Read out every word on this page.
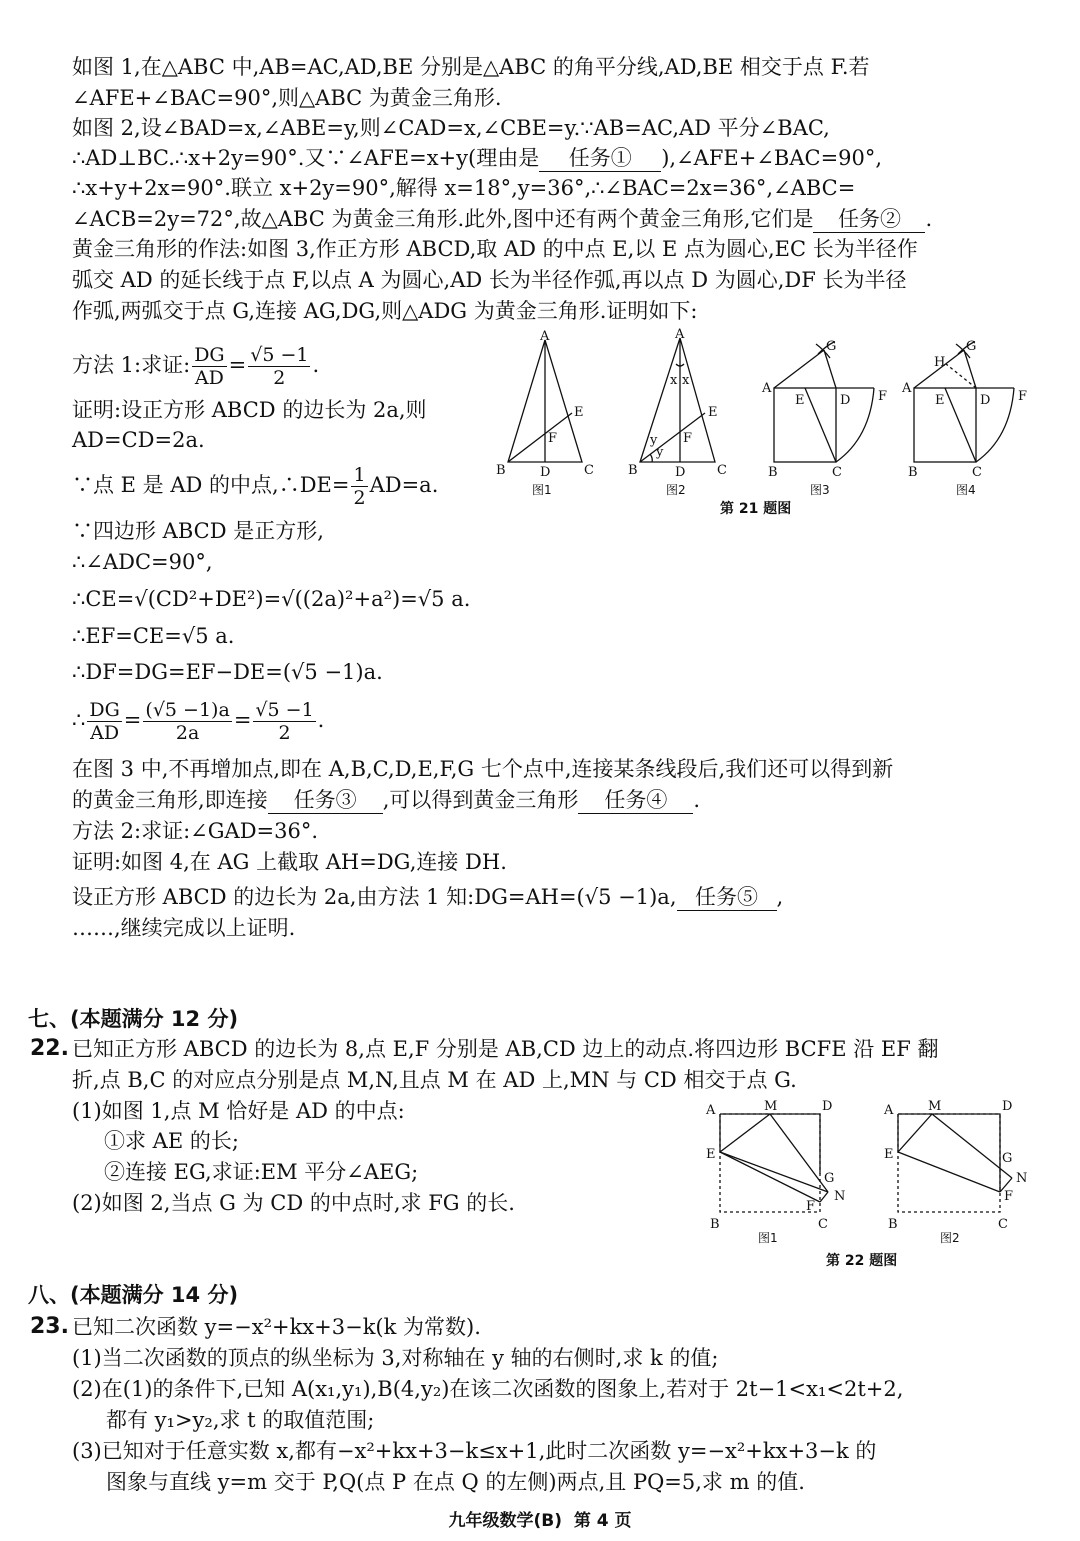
如图 1,在△ABC 中,AB=AC,AD,BE 分别是△ABC 的角平分线,AD,BE 相交于点 F.若
∠AFE+∠BAC=90°,则△ABC 为黄金三角形.
如图 2,设∠BAD=x,∠ABE=y,则∠CAD=x,∠CBE=y.∵AB=AC,AD 平分∠BAC,
∴AD⊥BC.∴x+2y=90°.又∵∠AFE=x+y(理由是 任务① ),∠AFE+∠BAC=90°,
∴x+y+2x=90°.联立 x+2y=90°,解得 x=18°,y=36°,∴∠BAC=2x=36°,∠ABC=
∠ACB=2y=72°,故△ABC 为黄金三角形.此外,图中还有两个黄金三角形,它们是 任务② .
黄金三角形的作法:如图 3,作正方形 ABCD,取 AD 的中点 E,以 E 点为圆心,EC 长为半径作
弧交 AD 的延长线于点 F,以点 A 为圆心,AD 长为半径作弧,再以点 D 为圆心,DF 长为半径
作弧,两弧交于点 G,连接 AG,DG,则△ADG 为黄金三角形.证明如下:
方法 1:求证: $\frac{DG}{AD} = \frac{√5 -1}{2}$ .
证明:设正方形 ABCD 的边长为 2a,则
AD=CD=2a.
∵点 E 是 AD 的中点,∴DE= $\frac{1}{2} AD=a$.
∵四边形 ABCD 是正方形,
∴∠ADC=90°,
∴CE=√(CD²+DE²)=√((2a)²+a²)=√5 a.
∴EF=CE=√5 a.
∴DF=DG=EF−DE=(√5 −1)a.
∴ $\frac{DG}{AD} = \frac{(√5 -1)a}{2a} = \frac{√5 -1}{2}$ .
在图 3 中,不再增加点,即在 A,B,C,D,E,F,G 七个点中,连接某条线段后,我们还可以得到新
的黄金三角形,即连接 任务③ ,可以得到黄金三角形 任务④ .
方法 2:求证:∠GAD=36°.
证明:如图 4,在 AG 上截取 AH=DG,连接 DH.
设正方形 ABCD 的边长为 2a,由方法 1 知:DG=AH=(√5 −1)a, 任务⑤ ,
……,继续完成以上证明.
A
B	C
D
E
F
A
B	C
D
E
F
x x
y
y
A
B	C
D
E	F
G
A
B	C
D
E	F
G
H
图1	图2	图3	图4
第 21 题图
七、(本题满分 12 分)
22. 已知正方形 ABCD 的边长为 8,点 E,F 分别是 AB,CD 边上的动点.将四边形 BCFE 沿 EF 翻
折,点 B,C 的对应点分别是点 M,N,且点 M 在 AD 上,MN 与 CD 相交于点 G.
(1)如图 1,点 M 恰好是 AD 的中点:
①求 AE 的长;
②连接 EG,求证:EM 平分∠AEG;
(2)如图 2,当点 G 为 CD 的中点时,求 FG 的长.
A	M	D
E
B	C
G
F
N
A	M	D
E
B	C
G
F
N
图1	图2
第 22 题图
八、(本题满分 14 分)
23. 已知二次函数 y=−x²+kx+3−k(k 为常数).
(1)当二次函数的顶点的纵坐标为 3,对称轴在 y 轴的右侧时,求 k 的值;
(2)在(1)的条件下,已知 A(x₁,y₁),B(4,y₂)在该二次函数的图象上,若对于 2t−1<x₁<2t+2,
都有 y₁>y₂,求 t 的取值范围;
(3)已知对于任意实数 x,都有−x²+kx+3−k≤x+1,此时二次函数 y=−x²+kx+3−k 的
图象与直线 y=m 交于 P,Q(点 P 在点 Q 的左侧)两点,且 PQ=5,求 m 的值.
九年级数学(B)  第 4 页
